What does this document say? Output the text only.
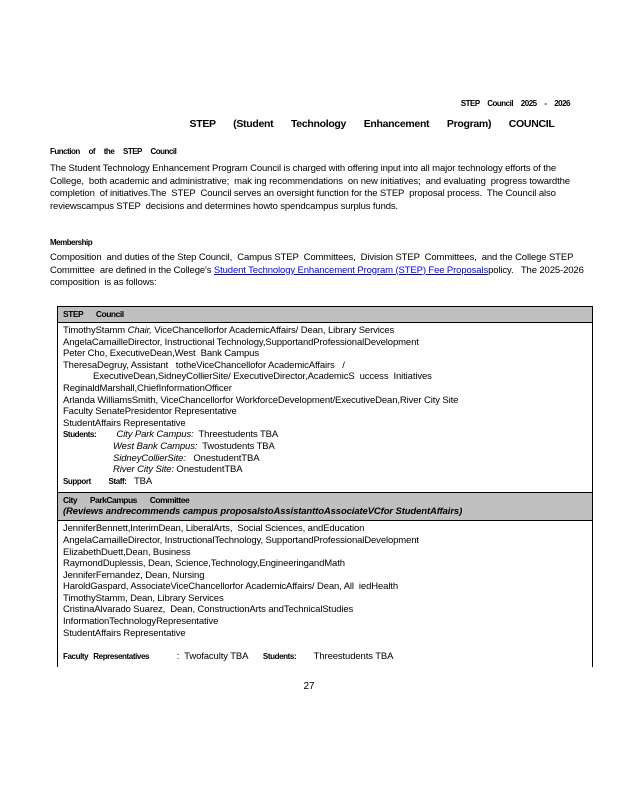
STEP Council 2025 - 2026
STEP (Student Technology Enhancement Program) COUNCIL
Function of the STEP Council

The Student Technology Enhancement Program Council is charged with offering input into all major technology efforts of the College,  both academic and administrative;  mak ing recommendations  on new initiatives;  and evaluating  progress towardthe completion  of initiatives.The  STEP  Council serves an oversight function for the STEP  proposal process.  The Council also reviewscampus STEP  decisions and determines howto spendcampus surplus funds.

Membership

Composition  and duties of the Step Council,  Campus STEP  Committees,  Division STEP  Committees,  and the College STEP  Committee  are defined in the College's Student Technology Enhancement Program (STEP) Fee Proposalspolicy.   The 2025-2026 composition  is as follows:

STEP Council
TimothyStamm Chair, ViceChancellorfor AcademicAffairs/ Dean, Library Services
AngelaCamailleDirector, Instructional Technology,SupportandProfessionalDevelopment
Peter Cho, ExecutiveDean,West  Bank Campus
TheresaDegruy, Assistant   totheViceChancellofor AcademicAffairs   /
ExecutiveDean,SidneyCollierSite/ ExecutiveDirector,AcademicS  uccess  Initiatives
ReginaldMarshall,ChiefInformationOfficer
Arlanda WilliamsSmith, ViceChancellorfor WorkforceDevelopment/ExecutiveDean,River City Site
Faculty SenatePresidentor Representative
StudentAffairs Representative
Students: City Park Campus:  Threestudents TBA
West Bank Campus:  Twostudents TBA
SidneyCollierSite:   OnestudentTBA
River City Site: OnestudentTBA
Support Staff:   TBA
City ParkCampus Committee
(Reviews andrecommends campus proposalstoAssistanttoAssociateVCfor StudentAffairs)
JenniferBennett,InterimDean, LiberalArts,  Social Sciences, andEducation
AngelaCamailleDirector, InstructionalTechnology, SupportandProfessionalDevelopment
ElizabethDuett,Dean, Business
RaymondDuplessis, Dean, Science,Technology,EngineeringandMath
JenniferFernandez, Dean, Nursing
HaroldGaspard, AssociateViceChancellorfor AcademicAffairs/ Dean, All  iedHealth
TimothyStamm, Dean, Library Services
CristinaAlvarado Suarez,  Dean, ConstructionArts andTechnicalStudies
InformationTechnologyRepresentative
StudentAffairs Representative

Faculty Representatives           :  Twofaculty TBA      Students:       Threestudents TBA
27
